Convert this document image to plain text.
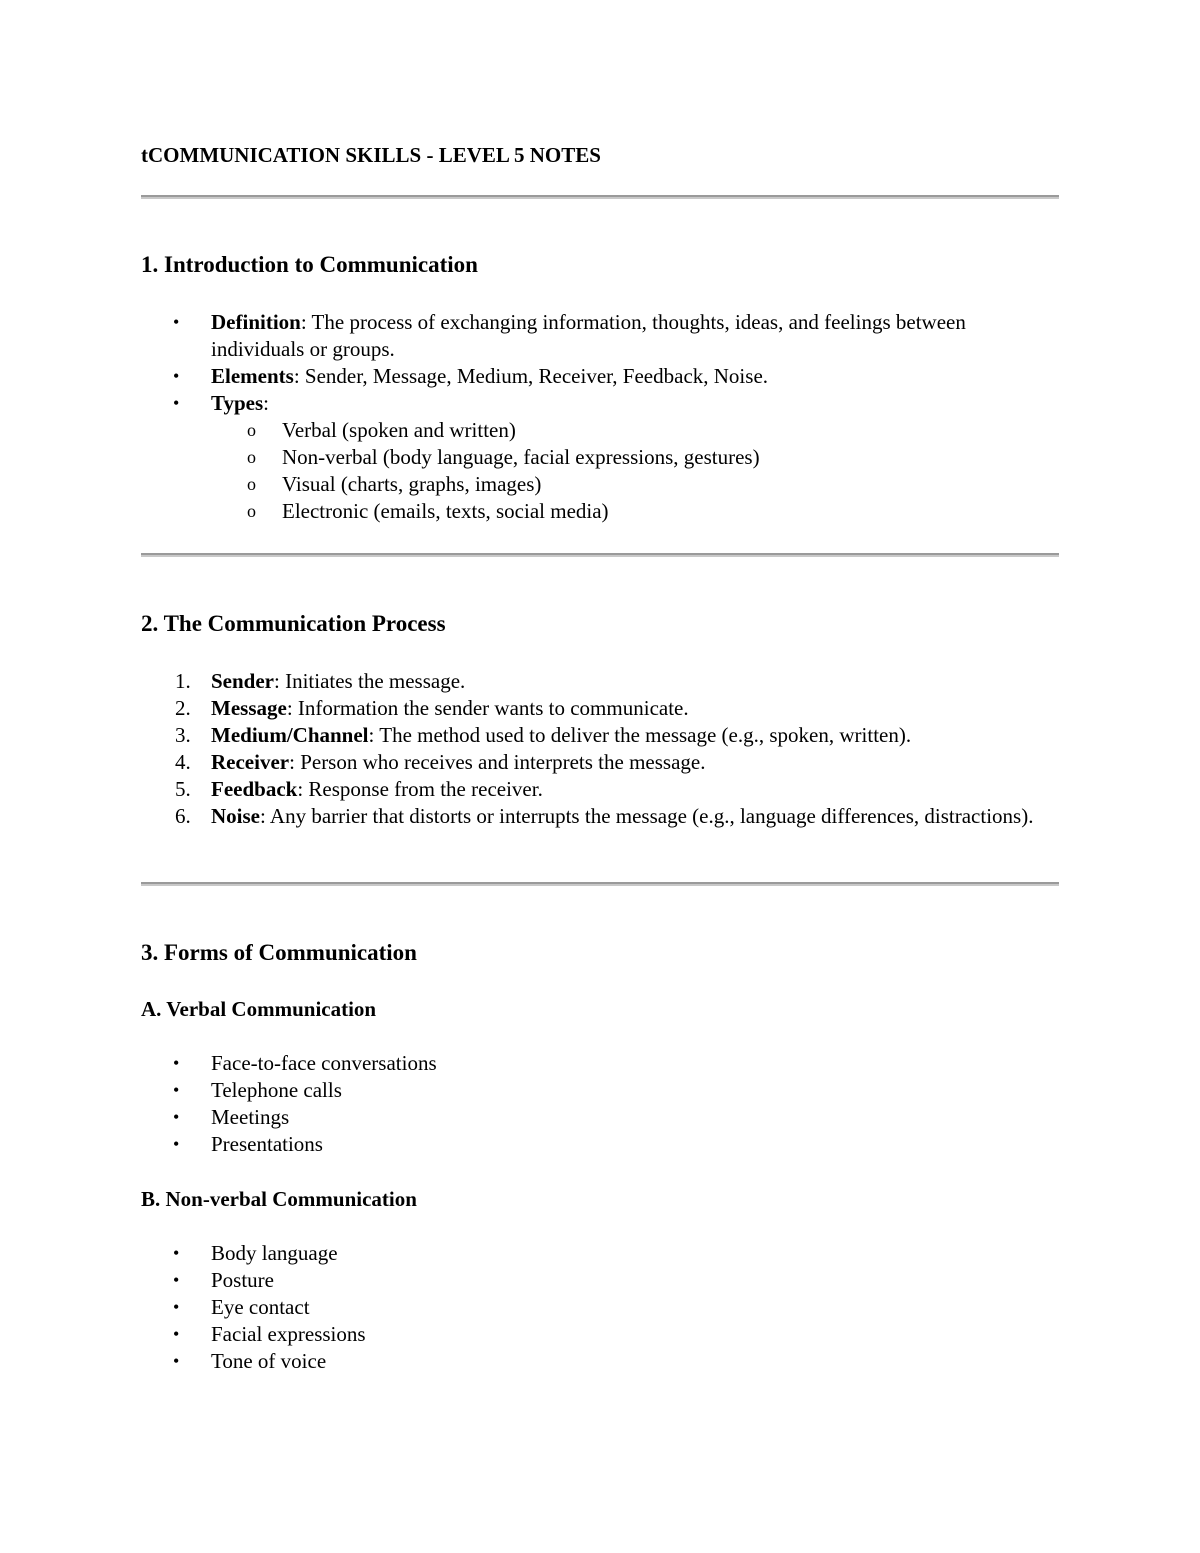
tCOMMUNICATION SKILLS - LEVEL 5 NOTES
1. Introduction to Communication
• Definition: The process of exchanging information, thoughts, ideas, and feelings between individuals or groups.
• Elements: Sender, Message, Medium, Receiver, Feedback, Noise.
• Types:
o Verbal (spoken and written)
o Non-verbal (body language, facial expressions, gestures)
o Visual (charts, graphs, images)
o Electronic (emails, texts, social media)
2. The Communication Process
1. Sender: Initiates the message.
2. Message: Information the sender wants to communicate.
3. Medium/Channel: The method used to deliver the message (e.g., spoken, written).
4. Receiver: Person who receives and interprets the message.
5. Feedback: Response from the receiver.
6. Noise: Any barrier that distorts or interrupts the message (e.g., language differences, distractions).
3. Forms of Communication
A. Verbal Communication
• Face-to-face conversations
• Telephone calls
• Meetings
• Presentations
B. Non-verbal Communication
• Body language
• Posture
• Eye contact
• Facial expressions
• Tone of voice
